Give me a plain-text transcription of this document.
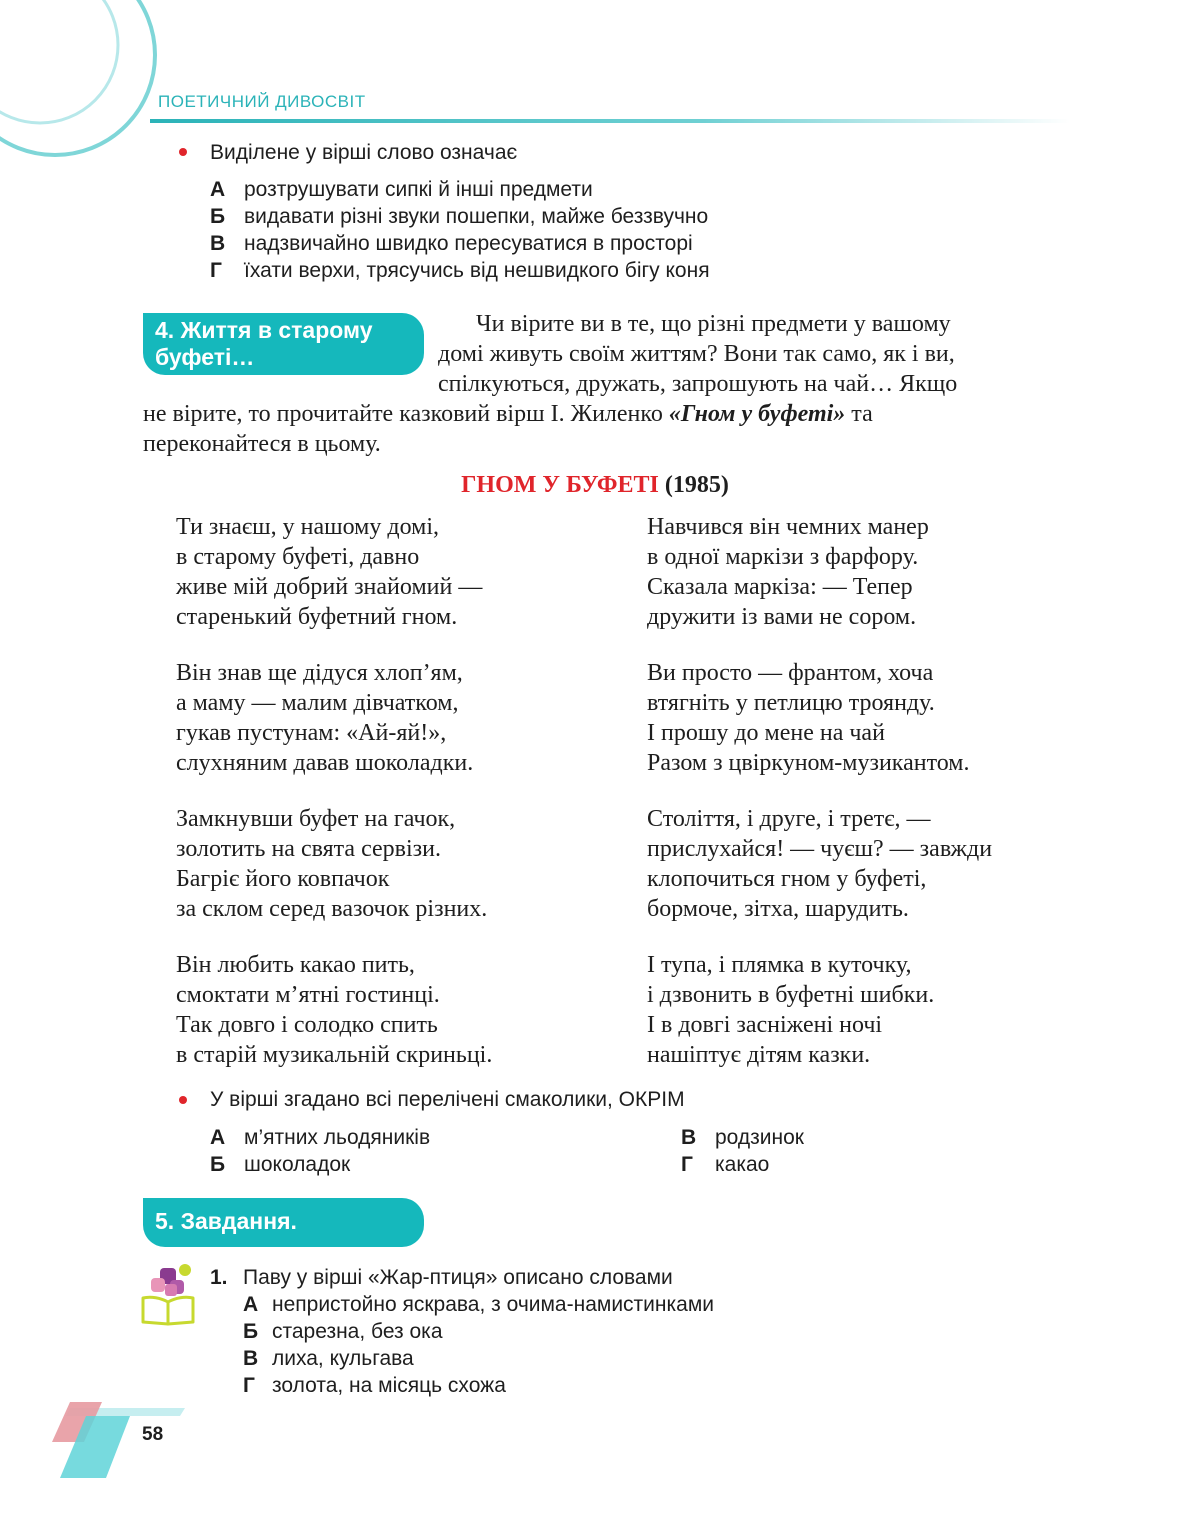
ПОЕТИЧНИЙ ДИВОСВІТ
Виділене у вірші слово означає
А розтрушувати сипкі й інші предмети
Б видавати різні звуки пошепки, майже беззвучно
В надзвичайно швидко пересуватися в просторі
Г їхати верхи, трясучись від нешвидкого бігу коня
4. Життя в старому
буфеті…
Чи вірите ви в те, що різні предмети у вашому
домі живуть своїм життям? Вони так само, як і ви,
спілкуються, дружать, запрошують на чай… Якщо
не вірите, то прочитайте казковий вірш І. Жиленко «Гном у буфеті» та
переконайтеся в цьому.
ГНОМ У БУФЕТІ (1985)
Ти знаєш, у нашому домі,
в старому буфеті, давно
живе мій добрий знайомий —
старенький буфетний гном.
Він знав ще дідуся хлоп’ям,
а маму — малим дівчатком,
гукав пустунам: «Ай-яй!»,
слухняним давав шоколадки.
Замкнувши буфет на гачок,
золотить на свята сервізи.
Багріє його ковпачок
за склом серед вазочок різних.
Він любить какао пить,
смоктати м’ятні гостинці.
Так довго і солодко спить
в старій музикальній скриньці.
Навчився він чемних манер
в одної маркізи з фарфору.
Сказала маркіза: — Тепер
дружити із вами не сором.
Ви просто — франтом, хоча
втягніть у петлицю троянду.
І прошу до мене на чай
Разом з цвіркуном-музикантом.
Століття, і друге, і третє, —
прислухайся! — чуєш? — завжди
клопочиться гном у буфеті,
бормоче, зітха, шарудить.
І тупа, і плямка в куточку,
і дзвонить в буфетні шибки.
І в довгі засніжені ночі
нашіптує дітям казки.
У вірші згадано всі перелічені смаколики, ОКРІМ
А м’ятних льодяників
Б шоколадок
В родзинок
Г какао
5. Завдання.
1. Паву у вірші «Жар-птиця» описано словами
А непристойно яскрава, з очима-намистинками
Б старезна, без ока
В лиха, кульгава
Г золота, на місяць схожа
58
